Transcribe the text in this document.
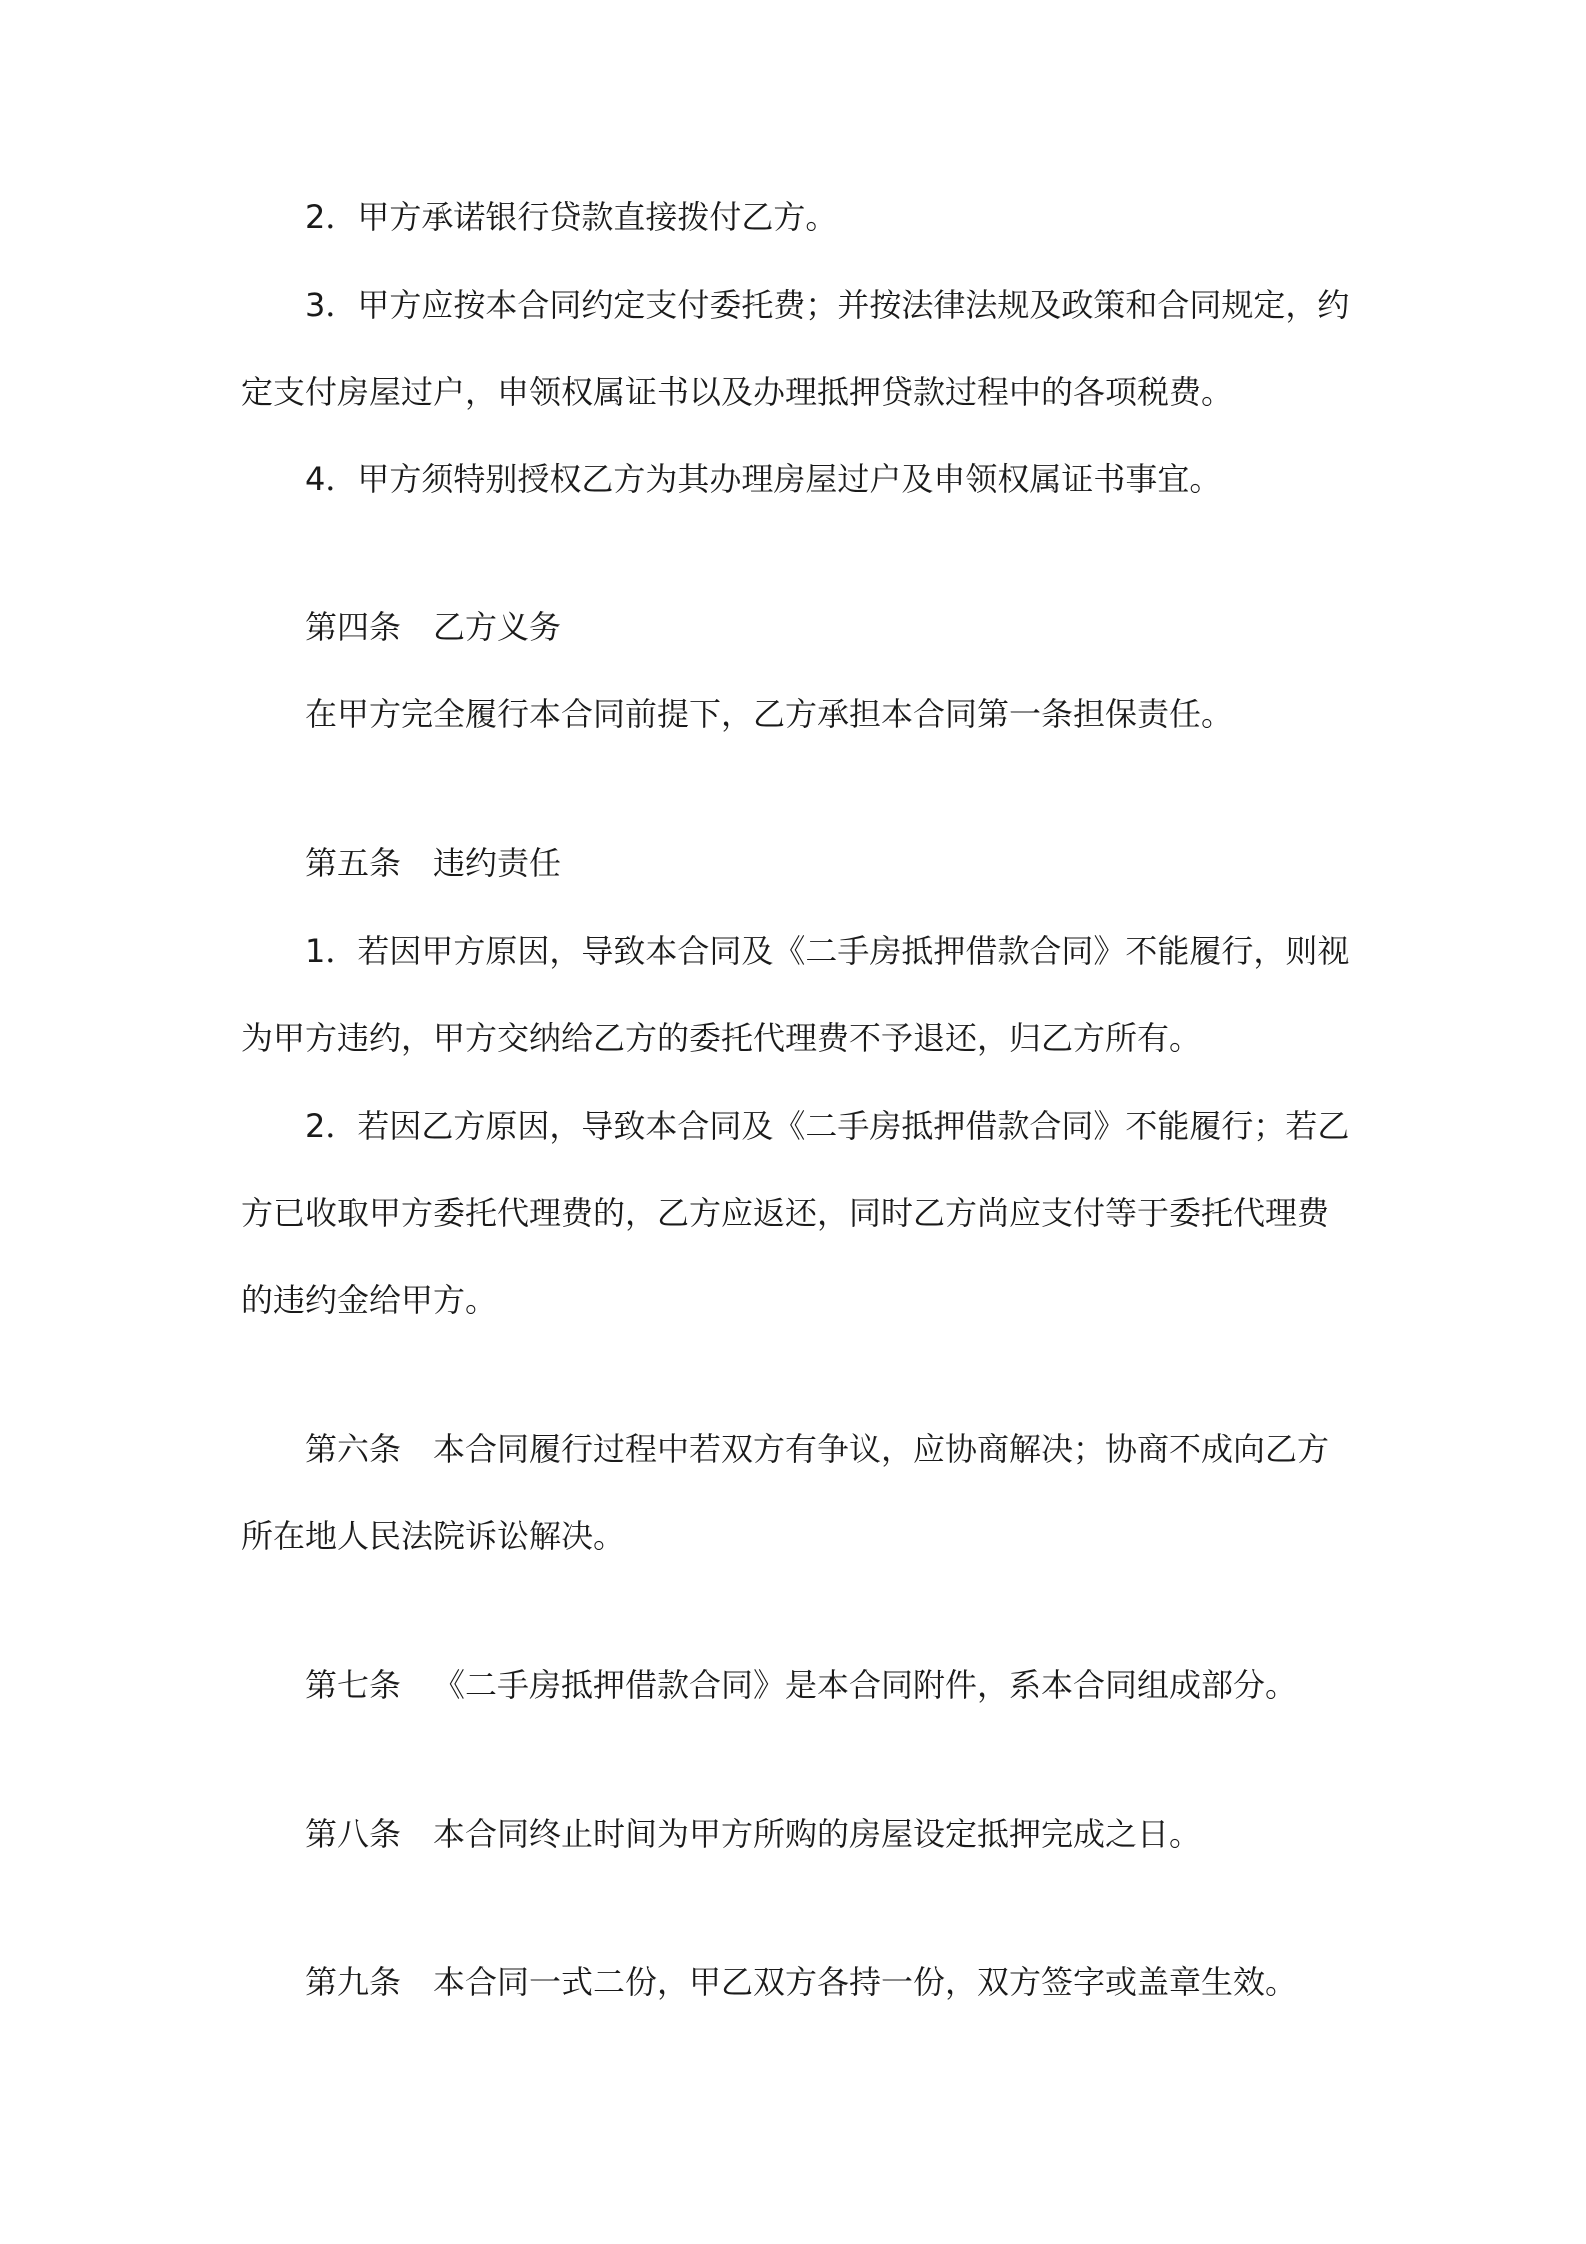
2．甲方承诺银行贷款直接拨付乙方。

3．甲方应按本合同约定支付委托费；并按法律法规及政策和合同规定，约

定支付房屋过户，申领权属证书以及办理抵押贷款过程中的各项税费。

4．甲方须特别授权乙方为其办理房屋过户及申领权属证书事宜。

第四条 乙方义务

在甲方完全履行本合同前提下，乙方承担本合同第一条担保责任。

第五条 违约责任

1．若因甲方原因，导致本合同及《二手房抵押借款合同》不能履行，则视

为甲方违约，甲方交纳给乙方的委托代理费不予退还，归乙方所有。

2．若因乙方原因，导致本合同及《二手房抵押借款合同》不能履行；若乙

方已收取甲方委托代理费的，乙方应返还，同时乙方尚应支付等于委托代理费

的违约金给甲方。

第六条 本合同履行过程中若双方有争议，应协商解决；协商不成向乙方

所在地人民法院诉讼解决。

第七条 《二手房抵押借款合同》是本合同附件，系本合同组成部分。

第八条 本合同终止时间为甲方所购的房屋设定抵押完成之日。

第九条 本合同一式二份，甲乙双方各持一份，双方签字或盖章生效。
